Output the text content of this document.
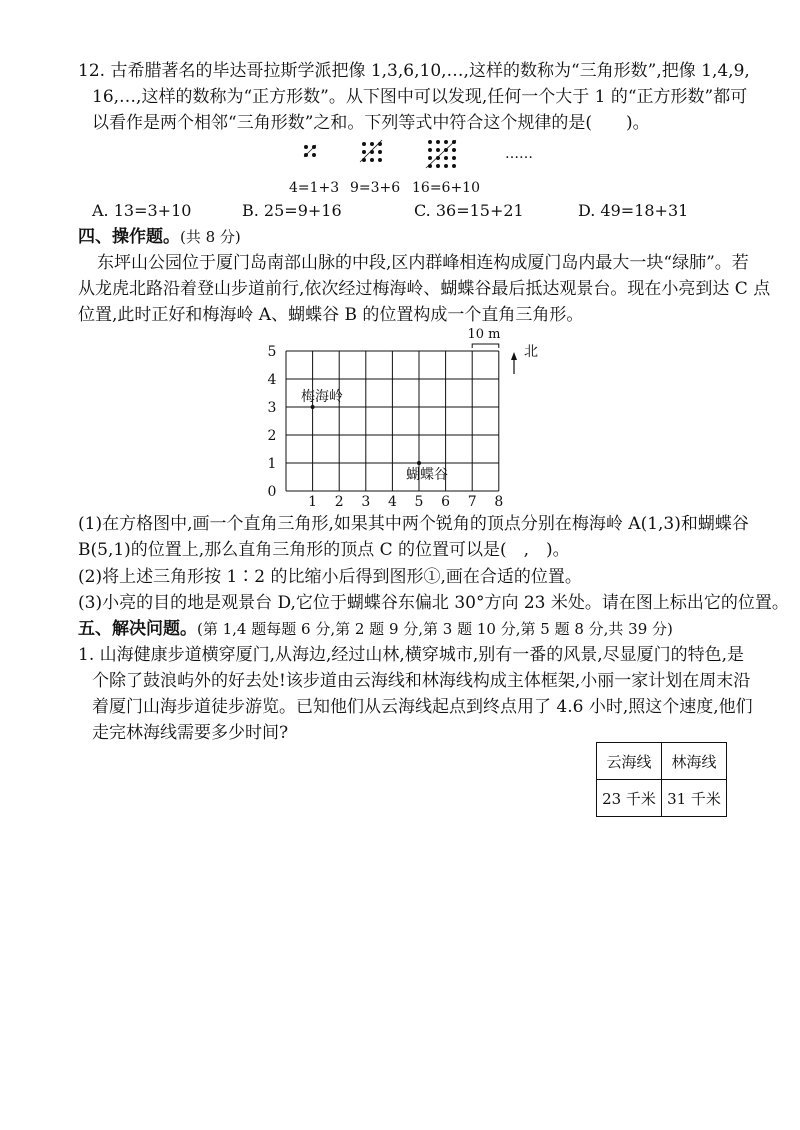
12. 古希腊著名的毕达哥拉斯学派把像 1,3,6,10,…,这样的数称为“三角形数”,把像 1,4,9,
16,…,这样的数称为“正方形数”。从下图中可以发现,任何一个大于 1 的“正方形数”都可
以看作是两个相邻“三角形数”之和。下列等式中符合这个规律的是(　　)。
……
4=1+3 9=3+6 16=6+10
A. 13=3+10	B. 25=9+16	C. 36=15+21	D. 49=18+31
四、操作题。(共 8 分)
东坪山公园位于厦门岛南部山脉的中段,区内群峰相连构成厦门岛内最大一块“绿肺”。若
从龙虎北路沿着登山步道前行,依次经过梅海岭、蝴蝶谷最后抵达观景台。现在小亮到达 C 点
位置,此时正好和梅海岭 A、蝴蝶谷 B 的位置构成一个直角三角形。
5
4
3
2
1
0
1 2 3 4 5 6 7 8
10 m
北
梅海岭
蝴蝶谷
(1)在方格图中,画一个直角三角形,如果其中两个锐角的顶点分别在梅海岭 A(1,3)和蝴蝶谷
B(5,1)的位置上,那么直角三角形的顶点 C 的位置可以是(　,　)。
(2)将上述三角形按 1∶2 的比缩小后得到图形①,画在合适的位置。
(3)小亮的目的地是观景台 D,它位于蝴蝶谷东偏北 30°方向 23 米处。请在图上标出它的位置。
五、解决问题。(第 1,4 题每题 6 分,第 2 题 9 分,第 3 题 10 分,第 5 题 8 分,共 39 分)
1. 山海健康步道横穿厦门,从海边,经过山林,横穿城市,别有一番的风景,尽显厦门的特色,是
个除了鼓浪屿外的好去处!该步道由云海线和林海线构成主体框架,小丽一家计划在周末沿
着厦门山海步道徒步游览。已知他们从云海线起点到终点用了 4.6 小时,照这个速度,他们
走完林海线需要多少时间?
云海线	林海线
23 千米	31 千米
